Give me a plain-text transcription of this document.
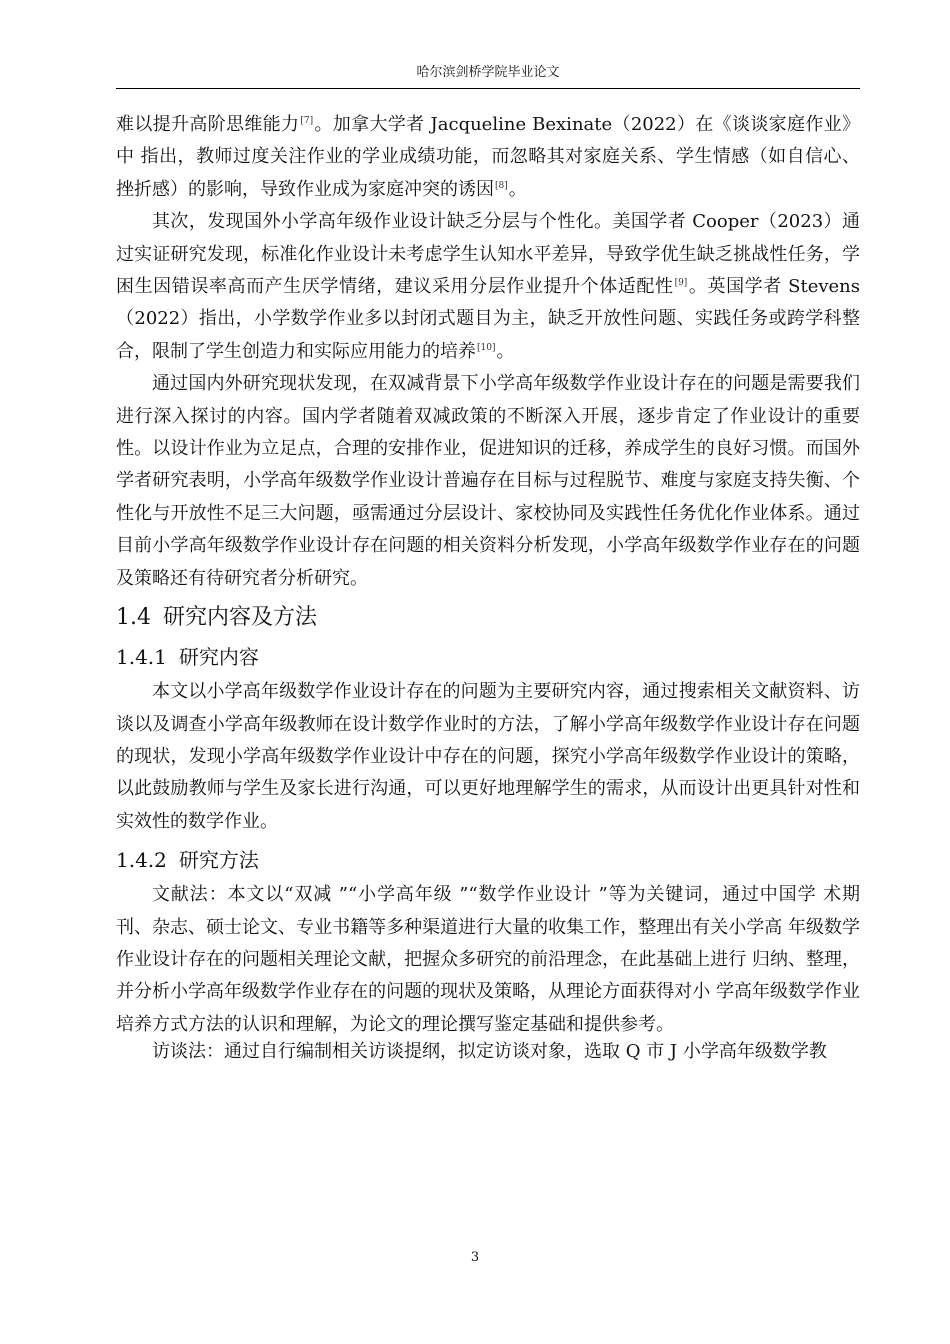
哈尔滨剑桥学院毕业论文

难以提升高阶思维能力[7]。加拿大学者 Jacqueline Bexinate（2022）在《谈谈家庭作业》中 指出，教师过度关注作业的学业成绩功能，而忽略其对家庭关系、学生情感（如自信心、 挫折感）的影响，导致作业成为家庭冲突的诱因[8]。

其次，发现国外小学高年级作业设计缺乏分层与个性化。美国学者 Cooper（2023）通过实证研究发现，标准化作业设计未考虑学生认知水平差异，导致学优生缺乏挑战性任务，学困生因错误率高而产生厌学情绪，建议采用分层作业提升个体适配性[9]。英国学者 Stevens（2022）指出，小学数学作业多以封闭式题目为主，缺乏开放性问题、实践任务或跨学科整合，限制了学生创造力和实际应用能力的培养[10]。

通过国内外研究现状发现，在双减背景下小学高年级数学作业设计存在的问题是需要我们进行深入探讨的内容。国内学者随着双减政策的不断深入开展，逐步肯定了作业设计的重要性。以设计作业为立足点，合理的安排作业，促进知识的迁移，养成学生的良好习惯。而国外学者研究表明，小学高年级数学作业设计普遍存在目标与过程脱节、难度与家庭支持失衡、个性化与开放性不足三大问题，亟需通过分层设计、家校协同及实践性任务优化作业体系。通过目前小学高年级数学作业设计存在问题的相关资料分析发现，小学高年级数学作业存在的问题及策略还有待研究者分析研究。

1.4 研究内容及方法
1.4.1 研究内容

本文以小学高年级数学作业设计存在的问题为主要研究内容，通过搜索相关文献资料、访谈以及调查小学高年级教师在设计数学作业时的方法，了解小学高年级数学作业设计存在问题的现状，发现小学高年级数学作业设计中存在的问题，探究小学高年级数学作业设计的策略，以此鼓励教师与学生及家长进行沟通，可以更好地理解学生的需求，从而设计出更具针对性和实效性的数学作业。

1.4.2 研究方法

文献法：本文以“双减 ”“小学高年级 ”“数学作业设计 ”等为关键词，通过中国学 术期刊、杂志、硕士论文、专业书籍等多种渠道进行大量的收集工作，整理出有关小学高 年级数学作业设计存在的问题相关理论文献，把握众多研究的前沿理念，在此基础上进行 归纳、整理，并分析小学高年级数学作业存在的问题的现状及策略，从理论方面获得对小 学高年级数学作业培养方式方法的认识和理解，为论文的理论撰写鉴定基础和提供参考。

访谈法：通过自行编制相关访谈提纲，拟定访谈对象，选取 Q 市 J 小学高年级数学教

3
